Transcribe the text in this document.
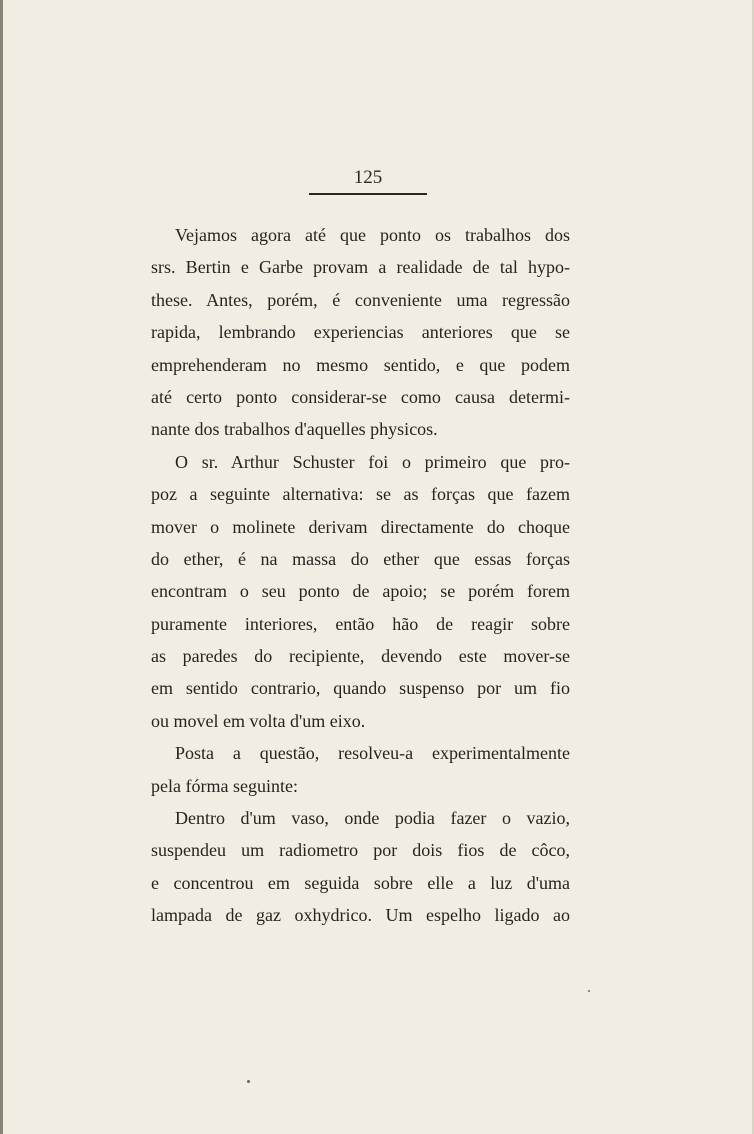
125
Vejamos agora até que ponto os trabalhos dos
srs. Bertin e Garbe provam a realidade de tal hypo-
these. Antes, porém, é conveniente uma regressão
rapida, lembrando experiencias anteriores que se
emprehenderam no mesmo sentido, e que podem
até certo ponto considerar-se como causa determi-
nante dos trabalhos d'aquelles physicos.
O sr. Arthur Schuster foi o primeiro que pro-
poz a seguinte alternativa: se as forças que fazem
mover o molinete derivam directamente do choque
do ether, é na massa do ether que essas forças
encontram o seu ponto de apoio; se porém forem
puramente interiores, então hão de reagir sobre
as paredes do recipiente, devendo este mover-se
em sentido contrario, quando suspenso por um fio
ou movel em volta d'um eixo.
Posta a questão, resolveu-a experimentalmente
pela fórma seguinte:
Dentro d'um vaso, onde podia fazer o vazio,
suspendeu um radiometro por dois fios de côco,
e concentrou em seguida sobre elle a luz d'uma
lampada de gaz oxhydrico. Um espelho ligado ao
